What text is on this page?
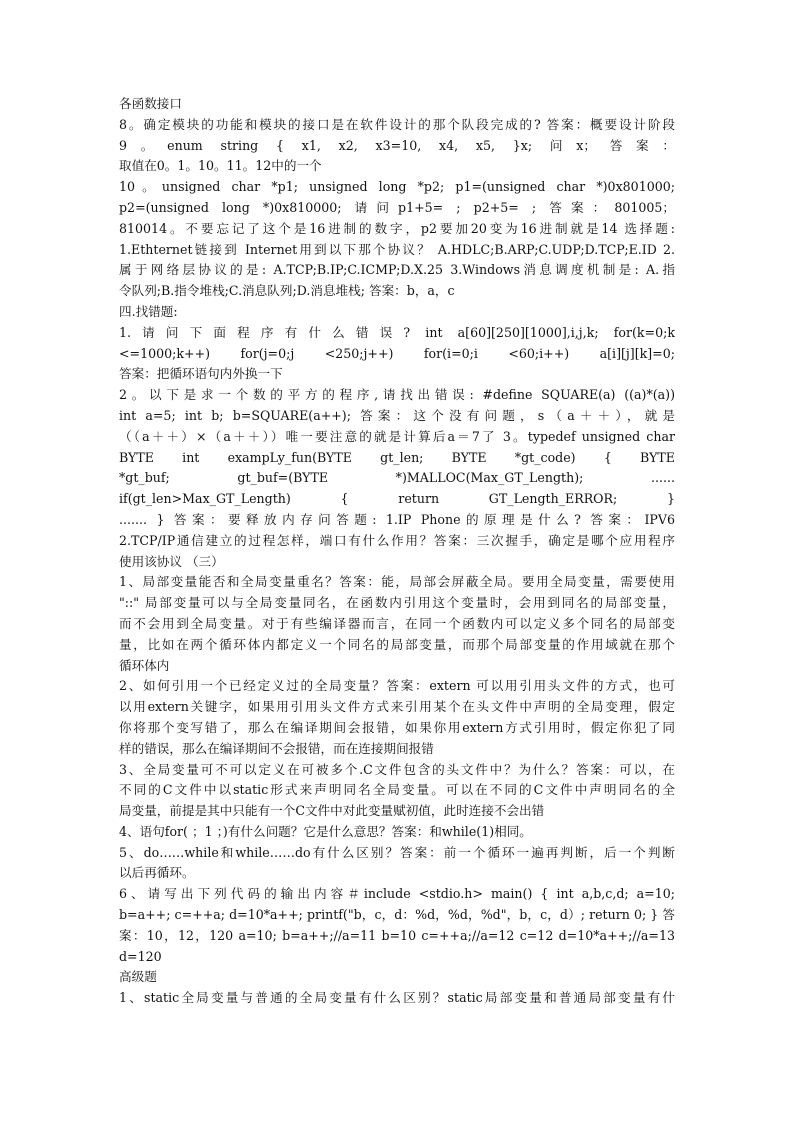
各函数接口
8。确定模块的功能和模块的接口是在软件设计的那个队段完成的? 答案：概要设计阶段
9。enum string { x1, x2, x3=10, x4, x5, }x; 问x；答案：
取值在0。1。10。11。12中的一个
10。unsigned char *p1; unsigned long *p2; p1=(unsigned char *)0x801000;
p2=(unsigned long *)0x810000; 请问p1+5= ; p2+5= ; 答案：801005；
810014。不要忘记了这个是16进制的数字，p2要加20变为16进制就是14 选择题:
1.Ethternet链接到 Internet用到以下那个协议？ A.HDLC;B.ARP;C.UDP;D.TCP;E.ID 2.
属于网络层协议的是: A.TCP;B.IP;C.ICMP;D.X.25 3.Windows消息调度机制是: A.指
令队列;B.指令堆栈;C.消息队列;D.消息堆栈; 答案：b，a，c
四.找错题:
1.请问下面程序有什么错误? int a[60][250][1000],i,j,k; for(k=0;k
<=1000;k++) for(j=0;j <250;j++) for(i=0;i <60;i++) a[i][j][k]=0;
答案：把循环语句内外换一下
2。以下是求一个数的平方的程序,请找出错误: #define SQUARE(a) ((a)*(a))
int a=5; int b; b=SQUARE(a++); 答案：这个没有问题，s（a＋＋），就是
（（a＋＋）×（a＋＋））唯一要注意的就是计算后a＝7了 3。typedef unsigned char
BYTE int exampLy_fun(BYTE gt_len; BYTE *gt_code) { BYTE
*gt_buf; gt_buf=(BYTE *)MALLOC(Max_GT_Length); ......
if(gt_len>Max_GT_Length) { return GT_Length_ERROR; }
....... } 答案：要释放内存问答题: 1.IP Phone的原理是什么? 答案：IPV6
2.TCP/IP通信建立的过程怎样，端口有什么作用？答案：三次握手，确定是哪个应用程序
使用该协议 （三）
1、局部变量能否和全局变量重名？答案：能，局部会屏蔽全局。要用全局变量，需要使用
"::" 局部变量可以与全局变量同名，在函数内引用这个变量时，会用到同名的局部变量，
而不会用到全局变量。对于有些编译器而言，在同一个函数内可以定义多个同名的局部变
量，比如在两个循环体内都定义一个同名的局部变量，而那个局部变量的作用域就在那个
循环体内
2、如何引用一个已经定义过的全局变量？答案：extern 可以用引用头文件的方式，也可
以用extern关键字，如果用引用头文件方式来引用某个在头文件中声明的全局变理，假定
你将那个变写错了，那么在编译期间会报错，如果你用extern方式引用时，假定你犯了同
样的错误，那么在编译期间不会报错，而在连接期间报错
3、全局变量可不可以定义在可被多个.C文件包含的头文件中？为什么？答案：可以，在
不同的C文件中以static形式来声明同名全局变量。可以在不同的C文件中声明同名的全
局变量，前提是其中只能有一个C文件中对此变量赋初值，此时连接不会出错
4、语句for( ；1 ；)有什么问题？它是什么意思？答案：和while(1)相同。
5、do……while和while……do有什么区别？答案：前一个循环一遍再判断，后一个判断
以后再循环。
6、请写出下列代码的输出内容＃include <stdio.h> main() { int a,b,c,d; a=10;
b=a++; c=++a; d=10*a++; printf("b，c，d：%d，%d，%d"，b，c，d）; return 0; } 答
案：10，12，120 a=10; b=a++;//a=11 b=10 c=++a;//a=12 c=12 d=10*a++;//a=13
d=120
高级题
1、static全局变量与普通的全局变量有什么区别？static局部变量和普通局部变量有什
